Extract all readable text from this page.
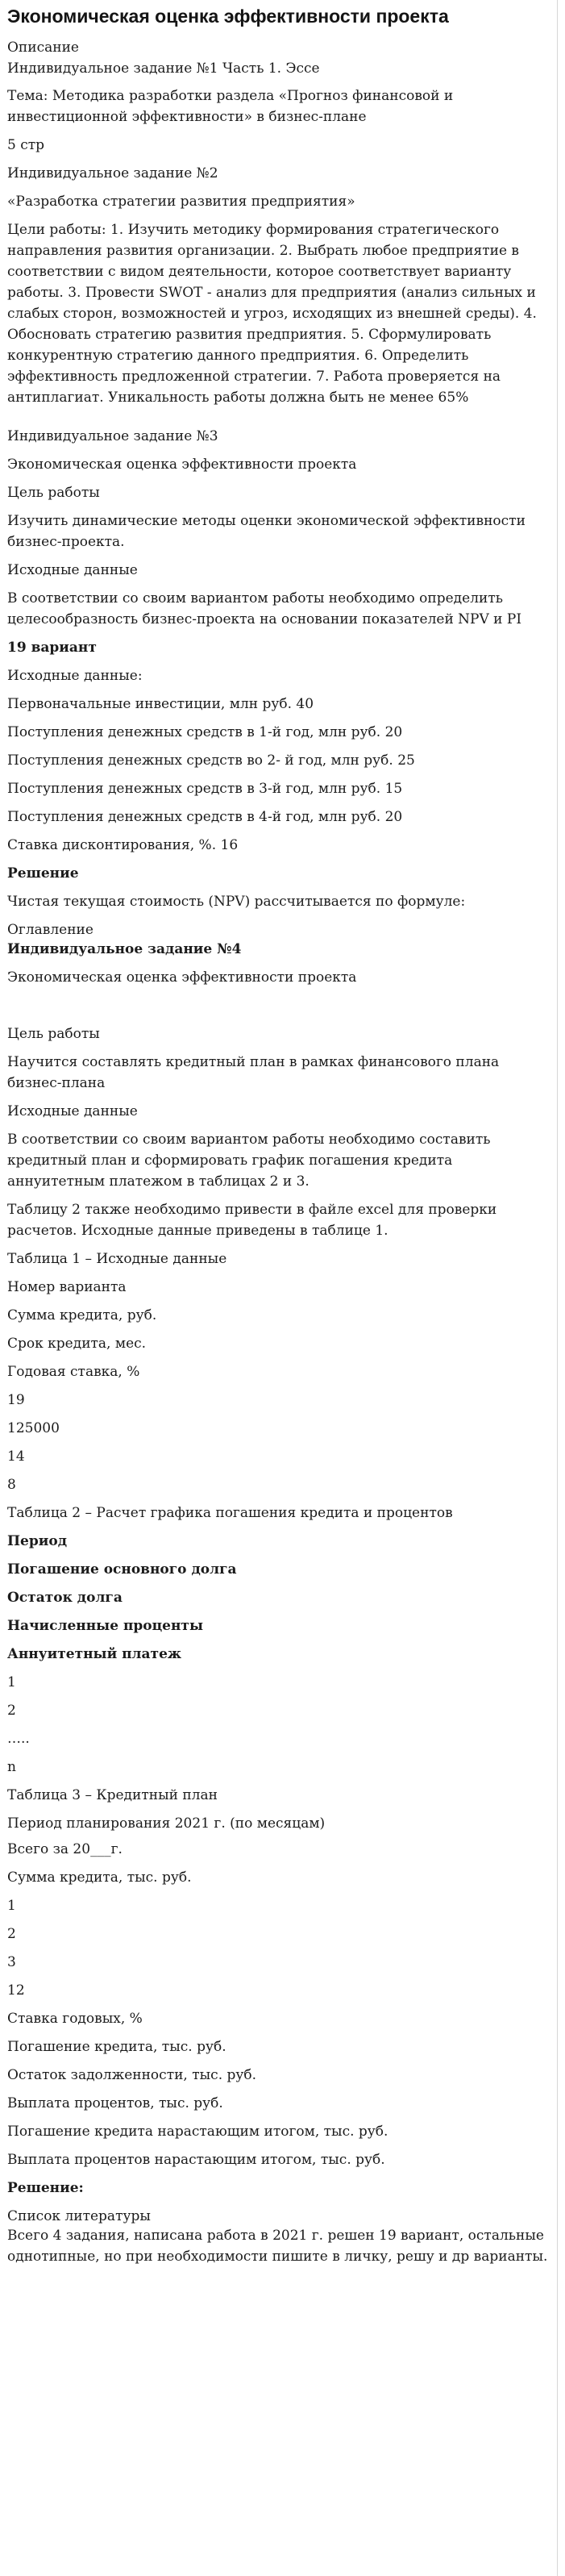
Экономическая оценка эффективности проекта

Описание

Индивидуальное задание №1 Часть 1. Эссе

Тема: Методика разработки раздела «Прогноз финансовой и инвестиционной эффективности» в бизнес-плане

5 стр

Индивидуальное задание №2

«Разработка стратегии развития предприятия»

Цели работы: 1. Изучить методику формирования стратегического направления развития организации. 2. Выбрать любое предприятие в соответствии с видом деятельности, которое соответствует варианту работы. 3. Провести SWOT - анализ для предприятия (анализ сильных и слабых сторон, возможностей и угроз, исходящих из внешней среды). 4. Обосновать стратегию развития предприятия. 5. Сформулировать конкурентную стратегию данного предприятия. 6. Определить эффективность предложенной стратегии. 7. Работа проверяется на антиплагиат. Уникальность работы должна быть не менее 65%

Индивидуальное задание №3

Экономическая оценка эффективности проекта

Цель работы

Изучить динамические методы оценки экономической эффективности бизнес-проекта.

Исходные данные

В соответствии со своим вариантом работы необходимо определить целесообразность бизнес-проекта на основании показателей NPV и PI

19 вариант

Исходные данные:

Первоначальные инвестиции, млн руб. 40

Поступления денежных средств в 1-й год, млн руб. 20

Поступления денежных средств во 2- й год, млн руб. 25

Поступления денежных средств в 3-й год, млн руб. 15

Поступления денежных средств в 4-й год, млн руб. 20

Ставка дисконтирования, %. 16

Решение

Чистая текущая стоимость (NPV) рассчитывается по формуле:

Оглавление

Индивидуальное задание №4

Экономическая оценка эффективности проекта

Цель работы

Научится составлять кредитный план в рамках финансового плана бизнес-плана

Исходные данные

В соответствии со своим вариантом работы необходимо составить кредитный план и сформировать график погашения кредита аннуитетным платежом в таблицах 2 и 3.

Таблицу 2 также необходимо привести в файле excel для проверки расчетов. Исходные данные приведены в таблице 1.

Таблица 1 – Исходные данные

Номер варианта

Сумма кредита, руб.

Срок кредита, мес.

Годовая ставка, %

19

125000

14

8

Таблица 2 – Расчет графика погашения кредита и процентов

Период

Погашение основного долга

Остаток долга

Начисленные проценты

Аннуитетный платеж

1

2

…..

n

Таблица 3 – Кредитный план

Период планирования 2021 г. (по месяцам)

Всего за 20___г.

Сумма кредита, тыс. руб.

1

2

3

12

Ставка годовых, %

Погашение кредита, тыс. руб.

Остаток задолженности, тыс. руб.

Выплата процентов, тыс. руб.

Погашение кредита нарастающим итогом, тыс. руб.

Выплата процентов нарастающим итогом, тыс. руб.

Решение:

Список литературы

Всего 4 задания, написана работа в 2021 г. решен 19 вариант, остальные однотипные, но при необходимости пишите в личку, решу и др варианты.
